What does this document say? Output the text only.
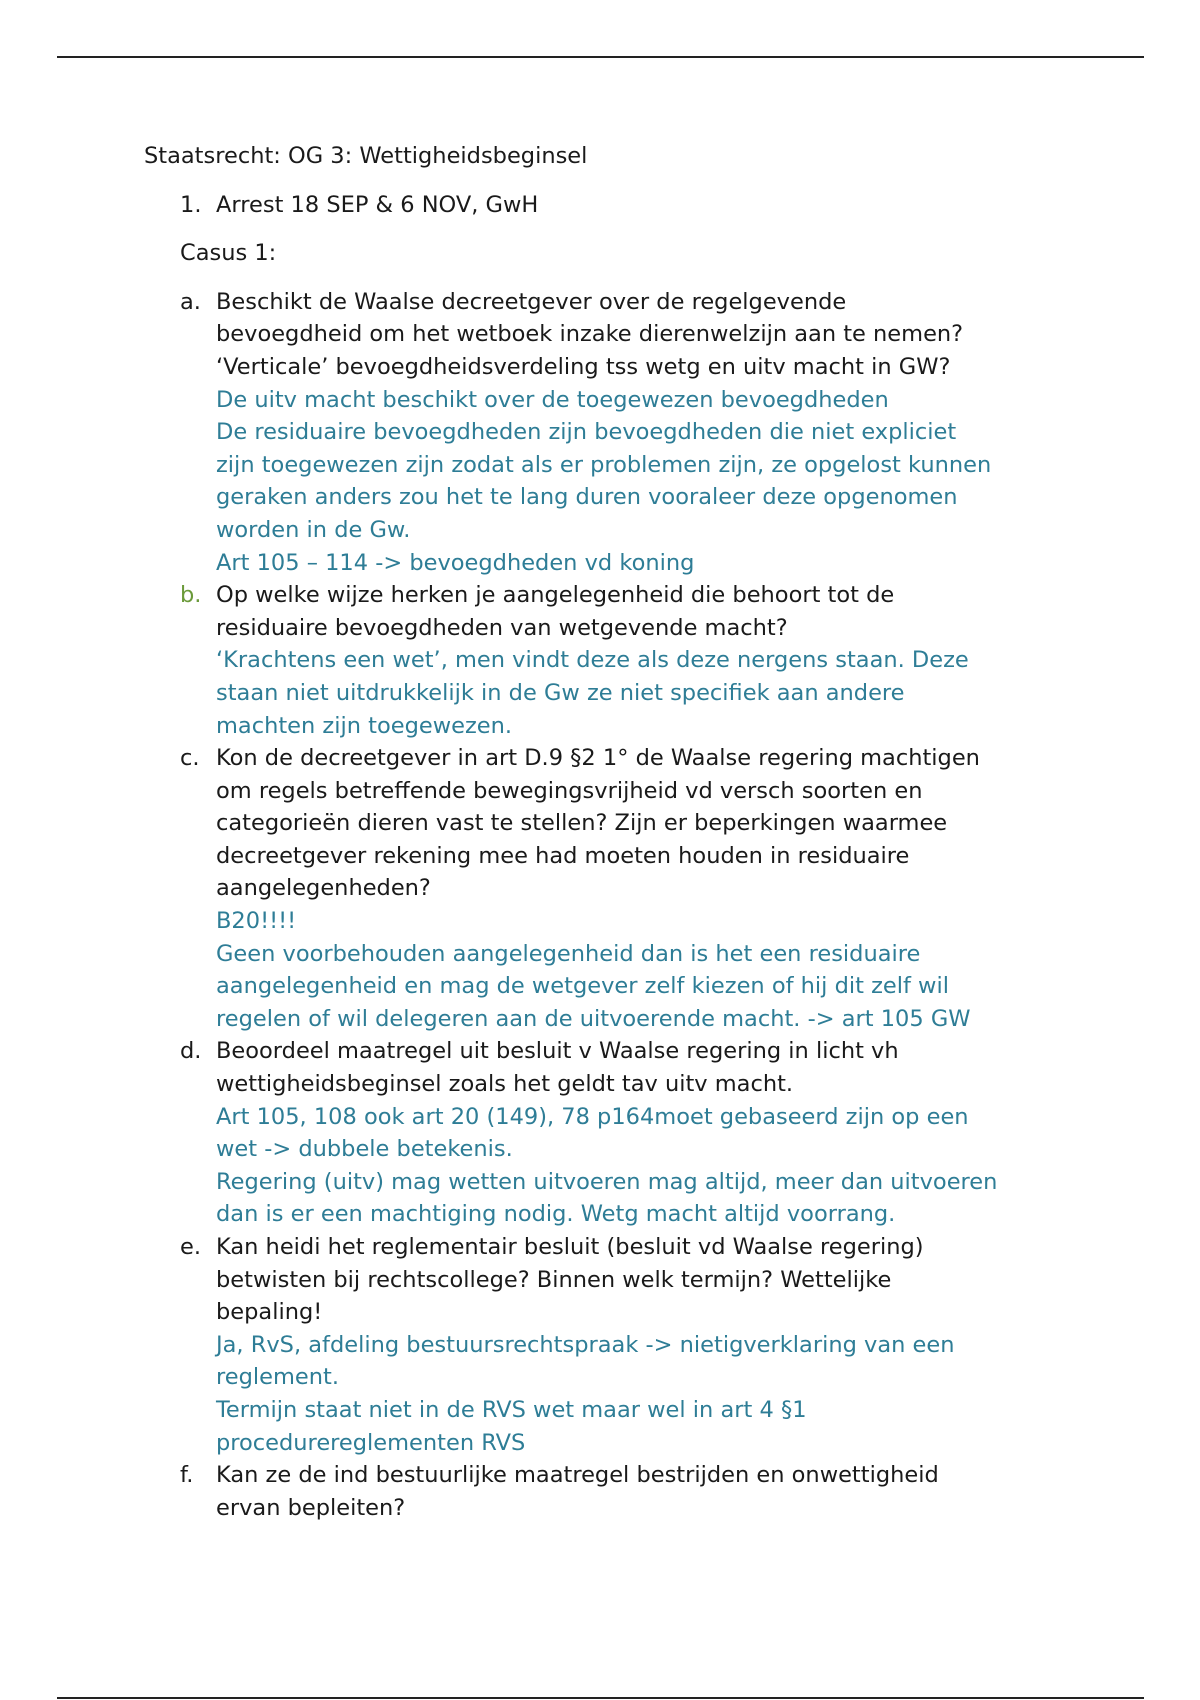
Staatsrecht: OG 3: Wettigheidsbeginsel
1. Arrest 18 SEP & 6 NOV, GwH
Casus 1:
a. Beschikt de Waalse decreetgever over de regelgevende
bevoegdheid om het wetboek inzake dierenwelzijn aan te nemen?
‘Verticale’ bevoegdheidsverdeling tss wetg en uitv macht in GW?
De uitv macht beschikt over de toegewezen bevoegdheden
De residuaire bevoegdheden zijn bevoegdheden die niet expliciet
zijn toegewezen zijn zodat als er problemen zijn, ze opgelost kunnen
geraken anders zou het te lang duren vooraleer deze opgenomen
worden in de Gw.
Art 105 – 114 -> bevoegdheden vd koning
b. Op welke wijze herken je aangelegenheid die behoort tot de
residuaire bevoegdheden van wetgevende macht?
‘Krachtens een wet’, men vindt deze als deze nergens staan. Deze
staan niet uitdrukkelijk in de Gw ze niet specifiek aan andere
machten zijn toegewezen.
c. Kon de decreetgever in art D.9 §2 1° de Waalse regering machtigen
om regels betreffende bewegingsvrijheid vd versch soorten en
categorieën dieren vast te stellen? Zijn er beperkingen waarmee
decreetgever rekening mee had moeten houden in residuaire
aangelegenheden?
B20!!!!
Geen voorbehouden aangelegenheid dan is het een residuaire
aangelegenheid en mag de wetgever zelf kiezen of hij dit zelf wil
regelen of wil delegeren aan de uitvoerende macht. -> art 105 GW
d. Beoordeel maatregel uit besluit v Waalse regering in licht vh
wettigheidsbeginsel zoals het geldt tav uitv macht.
Art 105, 108 ook art 20 (149), 78 p164moet gebaseerd zijn op een
wet -> dubbele betekenis.
Regering (uitv) mag wetten uitvoeren mag altijd, meer dan uitvoeren
dan is er een machtiging nodig. Wetg macht altijd voorrang.
e. Kan heidi het reglementair besluit (besluit vd Waalse regering)
betwisten bij rechtscollege? Binnen welk termijn? Wettelijke
bepaling!
Ja, RvS, afdeling bestuursrechtspraak -> nietigverklaring van een
reglement.
Termijn staat niet in de RVS wet maar wel in art 4 §1
procedurereglementen RVS
f.	Kan ze de ind bestuurlijke maatregel bestrijden en onwettigheid
ervan bepleiten?
